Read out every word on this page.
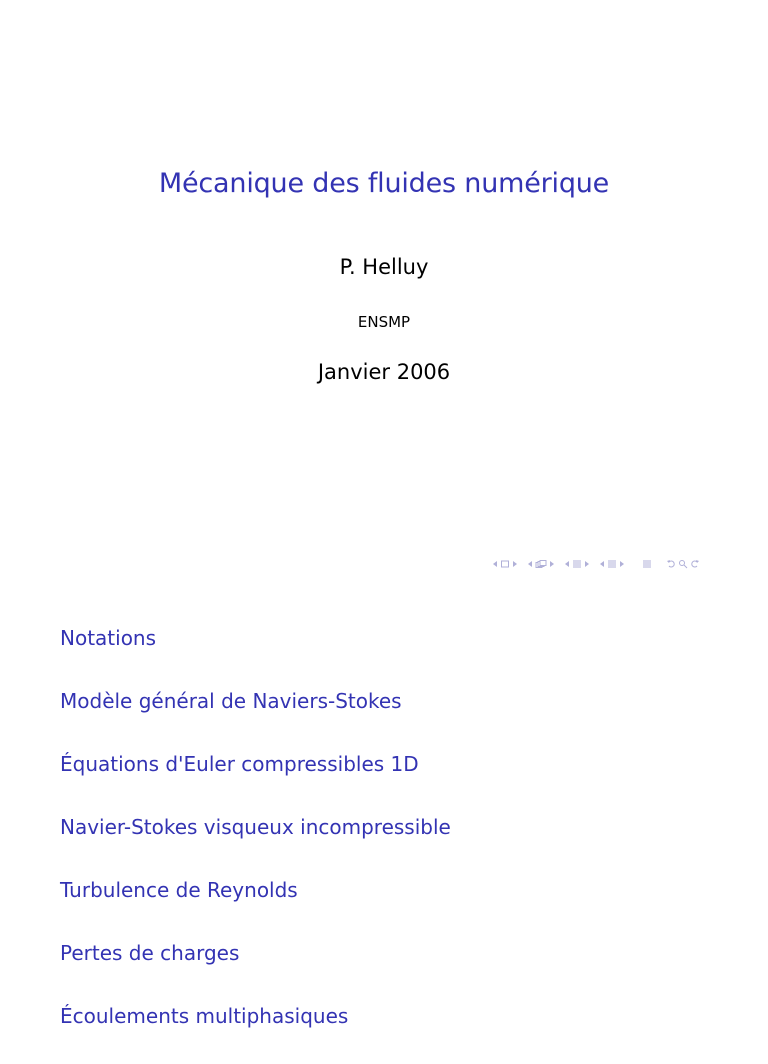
Mécanique des fluides numérique
P. Helluy
ENSMP
Janvier 2006
Notations
Modèle général de Naviers-Stokes
Équations d'Euler compressibles 1D
Navier-Stokes visqueux incompressible
Turbulence de Reynolds
Pertes de charges
Écoulements multiphasiques
